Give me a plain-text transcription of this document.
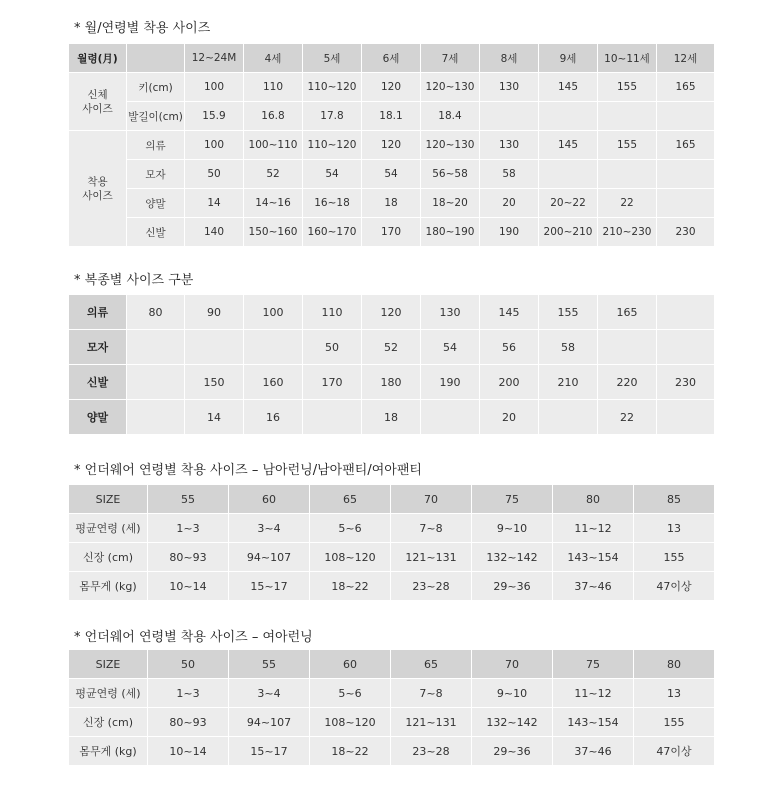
* 월/연령별 착용 사이즈
* 복종별 사이즈 구분
* 언더웨어 연령별 착용 사이즈 – 남아런닝/남아팬티/여아팬티
* 언더웨어 연령별 착용 사이즈 – 여아런닝
월령(月)		12~24M	4세	5세	6세	7세	8세	9세	10~11세	12세
신체
사이즈	키(cm)	100	110	110~120	120	120~130	130	145	155	165
	발길이(cm)	15.9	16.8	17.8	18.1	18.4				
착용
사이즈	의류	100	100~110	110~120	120	120~130	130	145	155	165
	모자	50	52	54	54	56~58	58			
	양말	14	14~16	16~18	18	18~20	20	20~22	22	
	신발	140	150~160	160~170	170	180~190	190	200~210	210~230	230
의류	80	90	100	110	120	130	145	155	165	
모자				50	52	54	56	58		
신발		150	160	170	180	190	200	210	220	230
양말		14	16		18		20		22	
SIZE	55	60	65	70	75	80	85
평균연령 (세)	1~3	3~4	5~6	7~8	9~10	11~12	13
신장 (cm)	80~93	94~107	108~120	121~131	132~142	143~154	155
몸무게 (kg)	10~14	15~17	18~22	23~28	29~36	37~46	47이상
SIZE	50	55	60	65	70	75	80
평균연령 (세)	1~3	3~4	5~6	7~8	9~10	11~12	13
신장 (cm)	80~93	94~107	108~120	121~131	132~142	143~154	155
몸무게 (kg)	10~14	15~17	18~22	23~28	29~36	37~46	47이상
